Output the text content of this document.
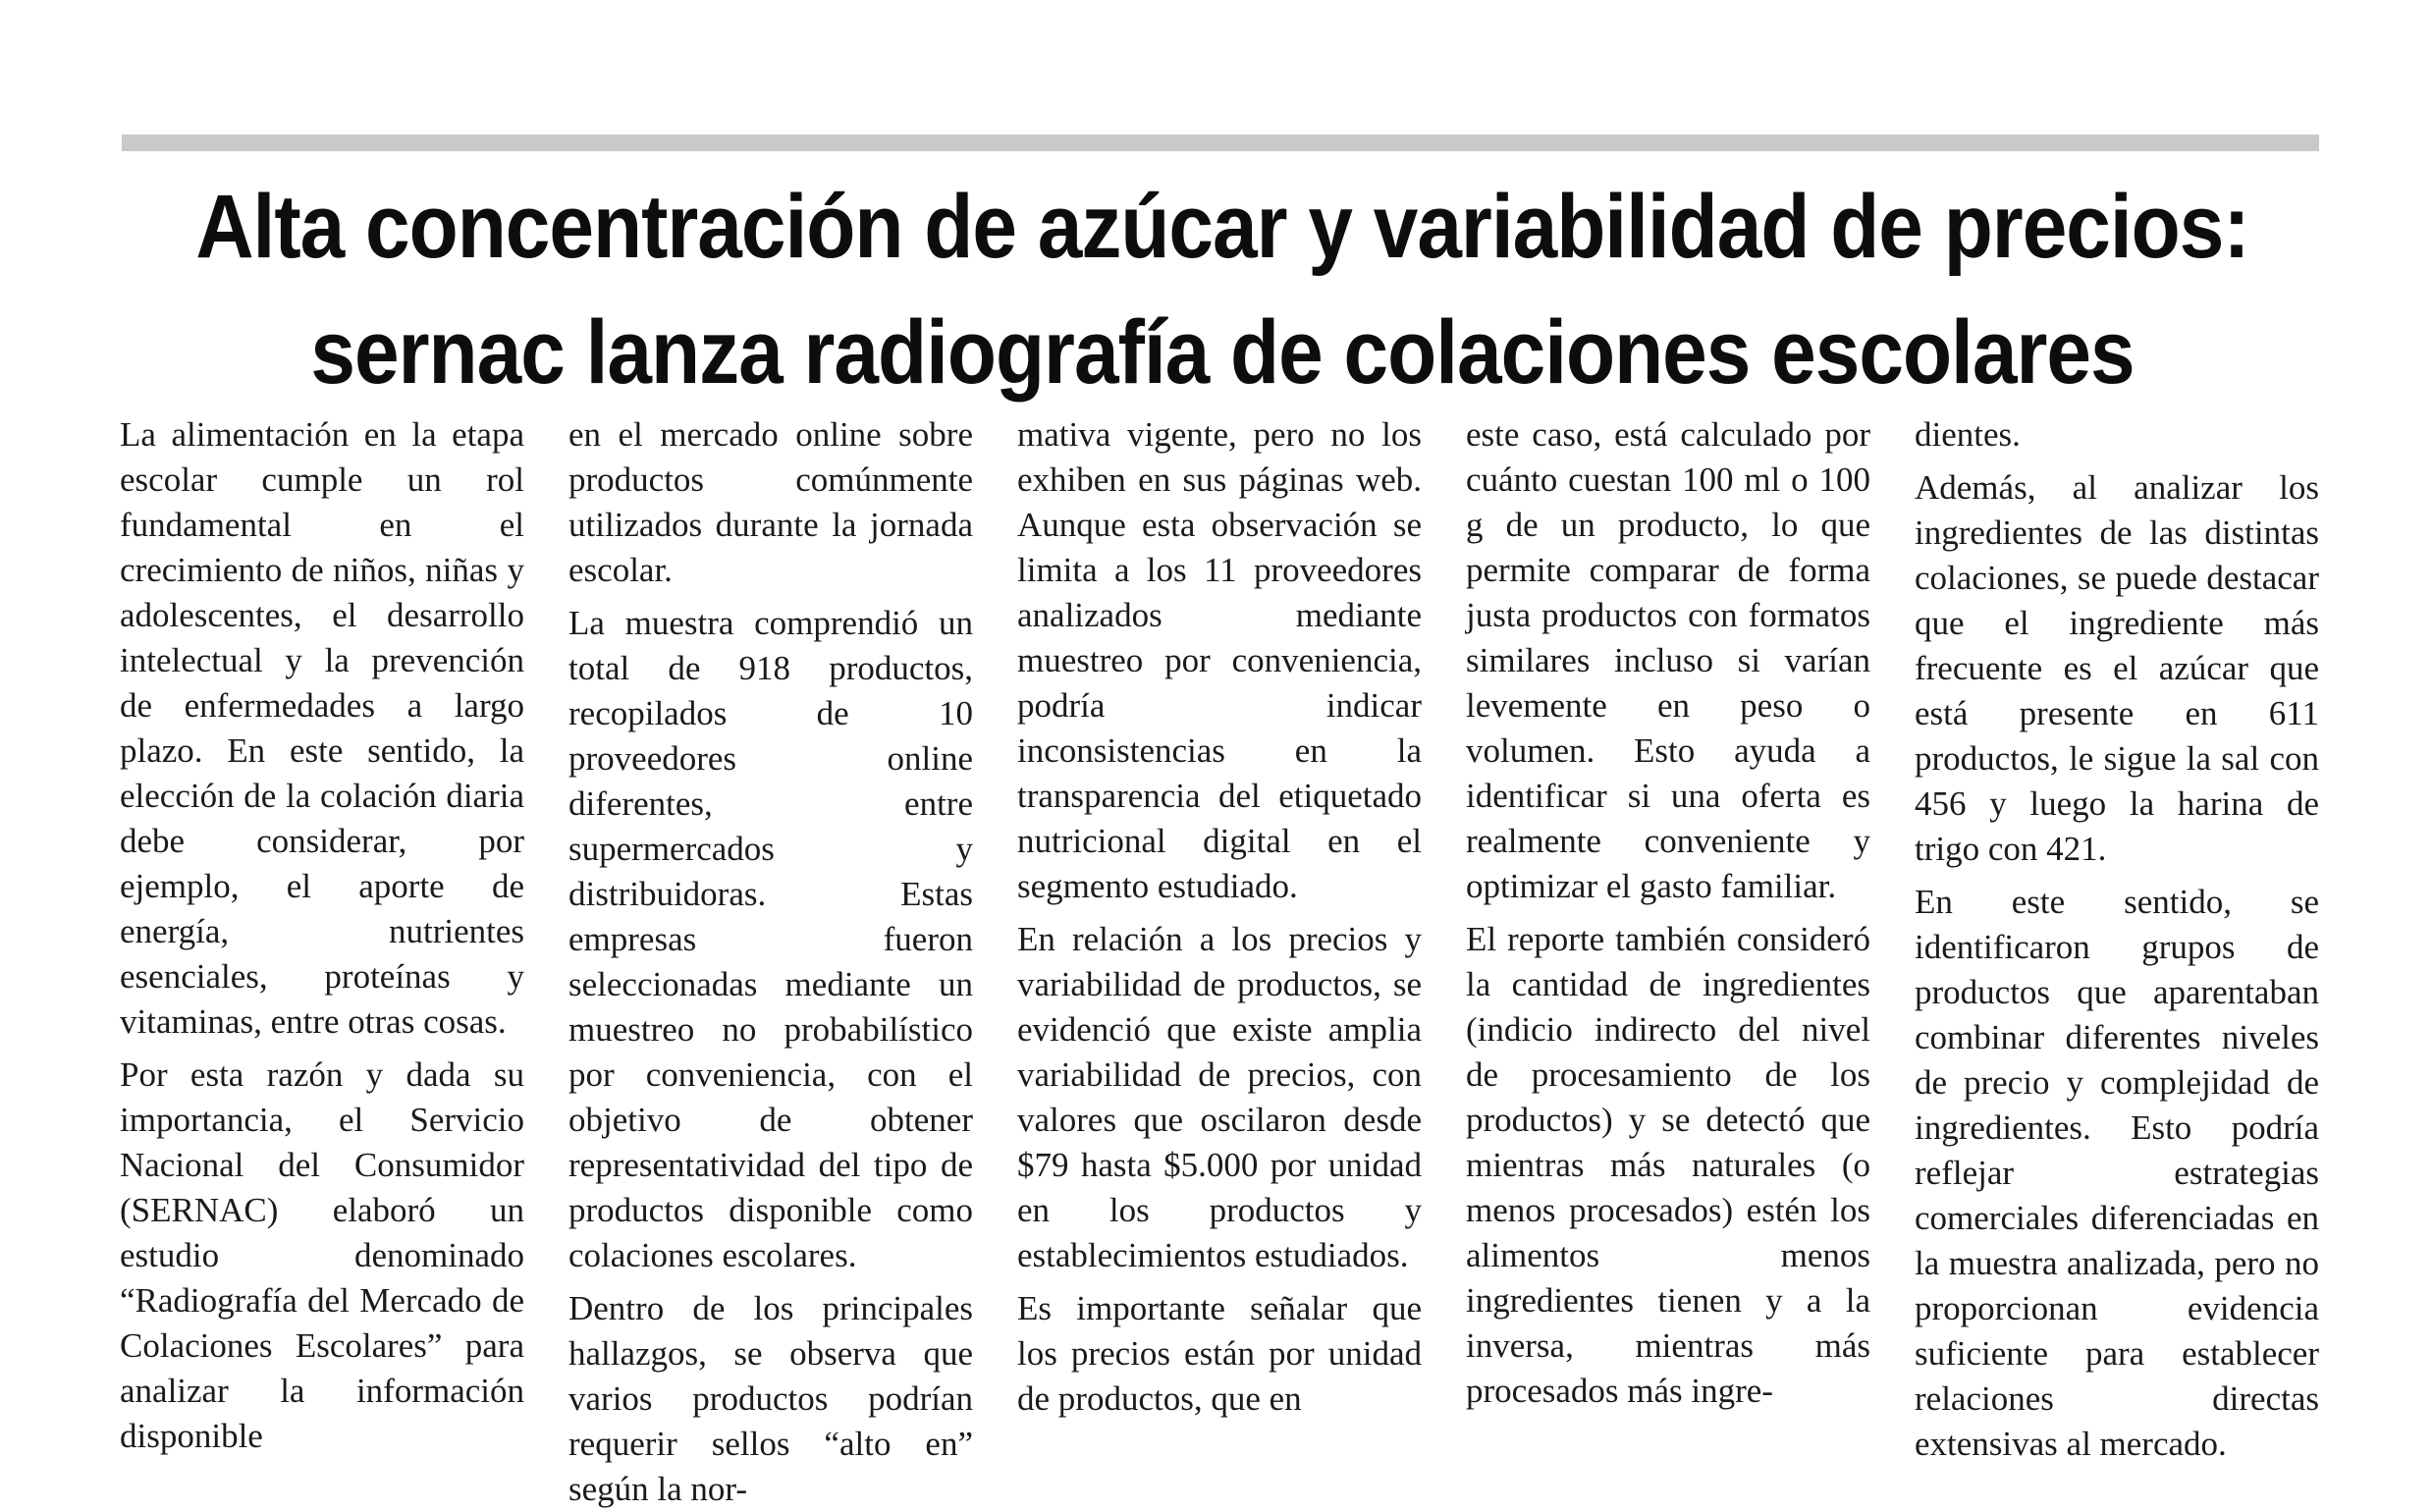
Alta concentración de azúcar y variabilidad de precios:
sernac lanza radiografía de colaciones escolares

La alimentación en la etapa escolar cumple un rol fundamental en el crecimiento de niños, niñas y adolescentes, el desarrollo intelectual y la prevención de enfermedades a largo plazo. En este sentido, la elección de la colación diaria debe considerar, por ejemplo, el aporte de energía, nutrientes esenciales, proteínas y vitaminas, entre otras cosas.

Por esta razón y dada su importancia, el Servicio Nacional del Consumidor (SERNAC) elaboró un estudio denominado “Radiografía del Mercado de Colaciones Escolares” para analizar la información disponible

en el mercado online sobre productos comúnmente utilizados durante la jornada escolar.

La muestra comprendió un total de 918 productos, recopilados de 10 proveedores online diferentes, entre supermercados y distribuidoras. Estas empresas fueron seleccionadas mediante un muestreo no probabilístico por conveniencia, con el objetivo de obtener representatividad del tipo de productos disponible como colaciones escolares.

Dentro de los principales hallazgos, se observa que varios productos podrían requerir sellos “alto en” según la nor-

mativa vigente, pero no los exhiben en sus páginas web. Aunque esta observación se limita a los 11 proveedores analizados mediante muestreo por conveniencia, podría indicar inconsistencias en la transparencia del etiquetado nutricional digital en el segmento estudiado.

En relación a los precios y variabilidad de productos, se evidenció que existe amplia variabilidad de precios, con valores que oscilaron desde $79 hasta $5.000 por unidad en los productos y establecimientos estudiados.

Es importante señalar que los precios están por unidad de productos, que en

este caso, está calculado por cuánto cuestan 100 ml o 100 g de un producto, lo que permite comparar de forma justa productos con formatos similares incluso si varían levemente en peso o volumen. Esto ayuda a identificar si una oferta es realmente conveniente y optimizar el gasto familiar.

El reporte también consideró la cantidad de ingredientes (indicio indirecto del nivel de procesamiento de los productos) y se detectó que mientras más naturales (o menos procesados) estén los alimentos menos ingredientes tienen y a la inversa, mientras más procesados más ingre-

dientes.

Además, al analizar los ingredientes de las distintas colaciones, se puede destacar que el ingrediente más frecuente es el azúcar que está presente en 611 productos, le sigue la sal con 456 y luego la harina de trigo con 421.

En este sentido, se identificaron grupos de productos que aparentaban combinar diferentes niveles de precio y complejidad de ingredientes. Esto podría reflejar estrategias comerciales diferenciadas en la muestra analizada, pero no proporcionan evidencia suficiente para establecer relaciones directas extensivas al mercado.
